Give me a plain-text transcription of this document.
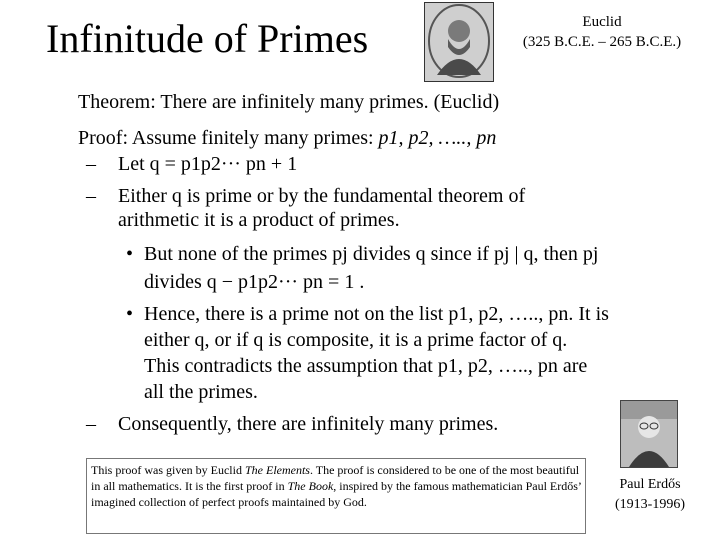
Infinitude of Primes	Euclid
(325 B.C.E. – 265 B.C.E.)
Theorem: There are infinitely many primes. (Euclid)
Proof: Assume finitely many primes: p1, p2, ….., pn
– Let q = p1p2··· pn + 1
– Either q is prime or by the fundamental theorem of
arithmetic it is a product of primes.
• But none of the primes pj divides q since if pj | q, then pj
divides q − p1p2··· pn = 1 .
• Hence, there is a prime not on the list p1, p2, ….., pn. It is
either q, or if q is composite, it is a prime factor of q.
This contradicts the assumption that p1, p2, ….., pn are
all the primes.
– Consequently, there are infinitely many primes.
This proof was given by Euclid The Elements. The proof is considered to be one of the most beautiful in all mathematics. It is the first proof in The Book, inspired by the famous mathematician Paul Erdős’ imagined collection of perfect proofs maintained by God.
Paul Erdős
(1913-1996)
